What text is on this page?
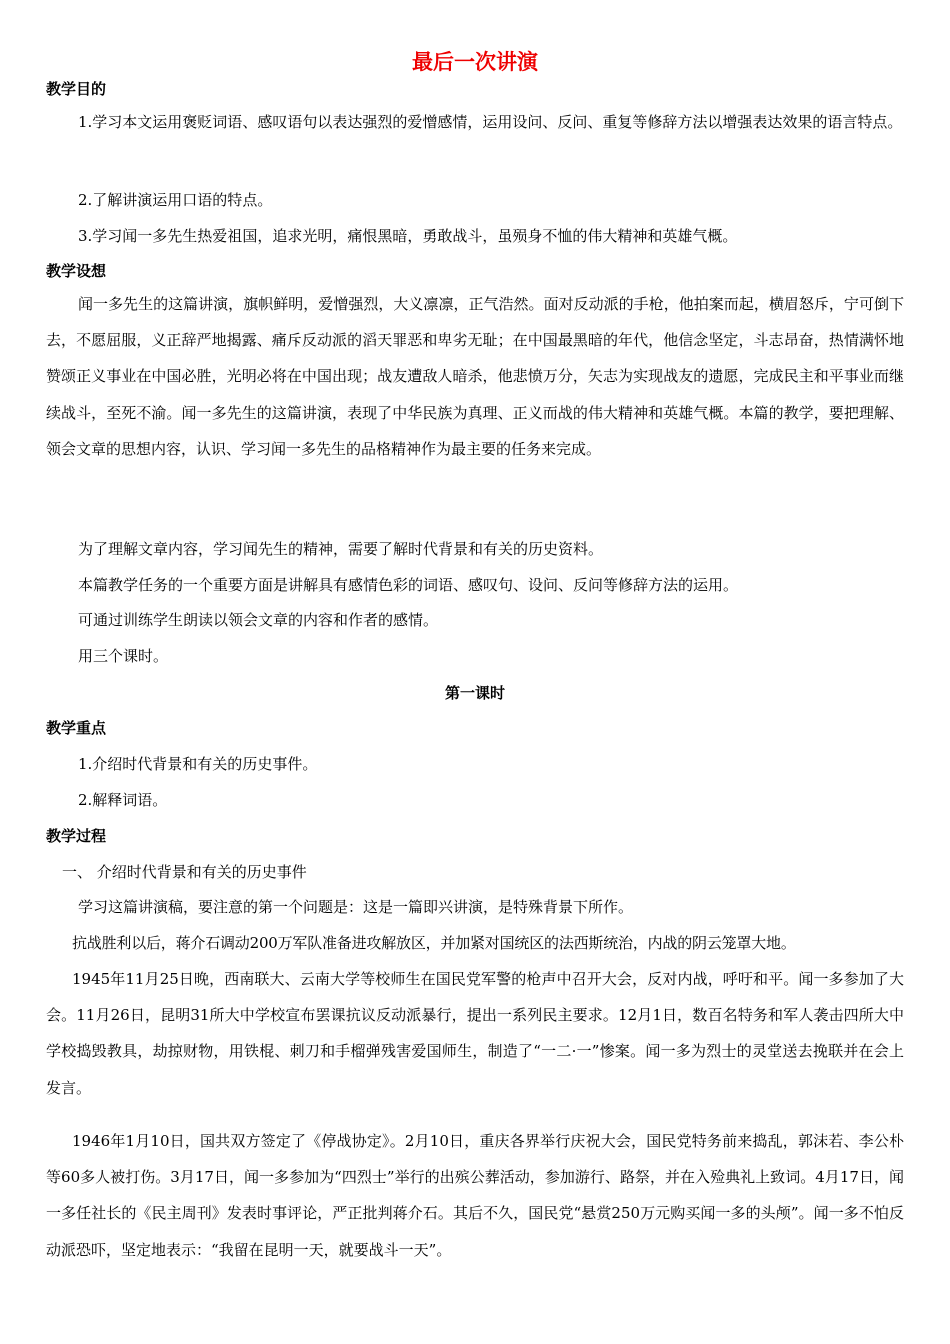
最后一次讲演
教学目的

1.学习本文运用褒贬词语、感叹语句以表达强烈的爱憎感情，运用设问、反问、重复等修辞方法以增强表达效果的语言特点。

2.了解讲演运用口语的特点。

3.学习闻一多先生热爱祖国，追求光明，痛恨黑暗，勇敢战斗，虽殒身不恤的伟大精神和英雄气概。

教学设想

闻一多先生的这篇讲演，旗帜鲜明，爱憎强烈，大义凛凛，正气浩然。面对反动派的手枪，他拍案而起，横眉怒斥，宁可倒下去，不愿屈服，义正辞严地揭露、痛斥反动派的滔天罪恶和卑劣无耻；在中国最黑暗的年代，他信念坚定，斗志昂奋，热情满怀地赞颂正义事业在中国必胜，光明必将在中国出现；战友遭敌人暗杀，他悲愤万分，矢志为实现战友的遗愿，完成民主和平事业而继续战斗，至死不渝。闻一多先生的这篇讲演，表现了中华民族为真理、正义而战的伟大精神和英雄气概。本篇的教学，要把理解、领会文章的思想内容，认识、学习闻一多先生的品格精神作为最主要的任务来完成。

为了理解文章内容，学习闻先生的精神，需要了解时代背景和有关的历史资料。

本篇教学任务的一个重要方面是讲解具有感情色彩的词语、感叹句、设问、反问等修辞方法的运用。

可通过训练学生朗读以领会文章的内容和作者的感情。

用三个课时。

第一课时
教学重点

1.介绍时代背景和有关的历史事件。

2.解释词语。

教学过程

一、 介绍时代背景和有关的历史事件

学习这篇讲演稿，要注意的第一个问题是：这是一篇即兴讲演，是特殊背景下所作。

抗战胜利以后，蒋介石调动200万军队准备进攻解放区，并加紧对国统区的法西斯统治，内战的阴云笼罩大地。

1945年11月25日晚，西南联大、云南大学等校师生在国民党军警的枪声中召开大会，反对内战，呼吁和平。闻一多参加了大会。11月26日，昆明31所大中学校宣布罢课抗议反动派暴行，提出一系列民主要求。12月1日，数百名特务和军人袭击四所大中学校捣毁教具，劫掠财物，用铁棍、刺刀和手榴弹残害爱国师生，制造了“一二·一”惨案。闻一多为烈士的灵堂送去挽联并在会上发言。

1946年1月10日，国共双方签定了《停战协定》。2月10日，重庆各界举行庆祝大会，国民党特务前来捣乱，郭沫若、李公朴等60多人被打伤。3月17日，闻一多参加为“四烈士”举行的出殡公葬活动，参加游行、路祭，并在入殓典礼上致词。4月17日，闻一多任社长的《民主周刊》发表时事评论，严正批判蒋介石。其后不久，国民党“悬赏250万元购买闻一多的头颅”。闻一多不怕反动派恐吓，坚定地表示：“我留在昆明一天，就要战斗一天”。
